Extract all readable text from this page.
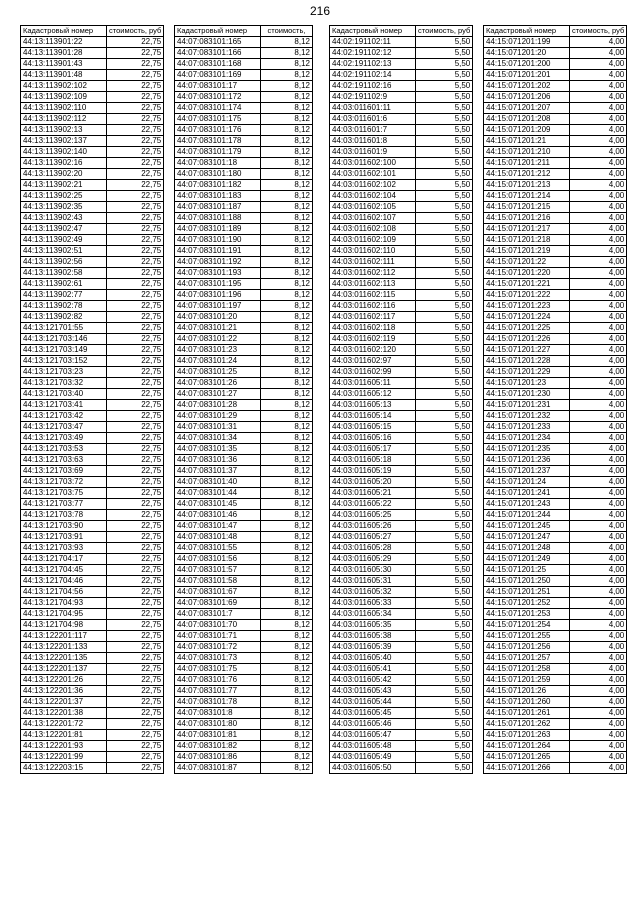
216
Кадастровый номер	стоимость, руб
44:13:113901:22	22,75
44:13:113901:28	22,75
44:13:113901:43	22,75
44:13:113901:48	22,75
44:13:113902:102	22,75
44:13:113902:109	22,75
44:13:113902:110	22,75
44:13:113902:112	22,75
44:13:113902:13	22,75
44:13:113902:137	22,75
44:13:113902:140	22,75
44:13:113902:16	22,75
44:13:113902:20	22,75
44:13:113902:21	22,75
44:13:113902:25	22,75
44:13:113902:35	22,75
44:13:113902:43	22,75
44:13:113902:47	22,75
44:13:113902:49	22,75
44:13:113902:51	22,75
44:13:113902:56	22,75
44:13:113902:58	22,75
44:13:113902:61	22,75
44:13:113902:77	22,75
44:13:113902:78	22,75
44:13:113902:82	22,75
44:13:121701:55	22,75
44:13:121703:146	22,75
44:13:121703:149	22,75
44:13:121703:152	22,75
44:13:121703:23	22,75
44:13:121703:32	22,75
44:13:121703:40	22,75
44:13:121703:41	22,75
44:13:121703:42	22,75
44:13:121703:47	22,75
44:13:121703:49	22,75
44:13:121703:53	22,75
44:13:121703:63	22,75
44:13:121703:69	22,75
44:13:121703:72	22,75
44:13:121703:75	22,75
44:13:121703:77	22,75
44:13:121703:78	22,75
44:13:121703:90	22,75
44:13:121703:91	22,75
44:13:121703:93	22,75
44:13:121704:17	22,75
44:13:121704:45	22,75
44:13:121704:46	22,75
44:13:121704:56	22,75
44:13:121704:93	22,75
44:13:121704:95	22,75
44:13:121704:98	22,75
44:13:122201:117	22,75
44:13:122201:133	22,75
44:13:122201:135	22,75
44:13:122201:137	22,75
44:13:122201:26	22,75
44:13:122201:36	22,75
44:13:122201:37	22,75
44:13:122201:38	22,75
44:13:122201:72	22,75
44:13:122201:81	22,75
44:13:122201:93	22,75
44:13:122201:99	22,75
44:13:122203:15	22,75
Кадастровый номер	стоимость,
44:07:083101:165	8,12
44:07:083101:166	8,12
44:07:083101:168	8,12
44:07:083101:169	8,12
44:07:083101:17	8,12
44:07:083101:172	8,12
44:07:083101:174	8,12
44:07:083101:175	8,12
44:07:083101:176	8,12
44:07:083101:178	8,12
44:07:083101:179	8,12
44:07:083101:18	8,12
44:07:083101:180	8,12
44:07:083101:182	8,12
44:07:083101:183	8,12
44:07:083101:187	8,12
44:07:083101:188	8,12
44:07:083101:189	8,12
44:07:083101:190	8,12
44:07:083101:191	8,12
44:07:083101:192	8,12
44:07:083101:193	8,12
44:07:083101:195	8,12
44:07:083101:196	8,12
44:07:083101:197	8,12
44:07:083101:20	8,12
44:07:083101:21	8,12
44:07:083101:22	8,12
44:07:083101:23	8,12
44:07:083101:24	8,12
44:07:083101:25	8,12
44:07:083101:26	8,12
44:07:083101:27	8,12
44:07:083101:28	8,12
44:07:083101:29	8,12
44:07:083101:31	8,12
44:07:083101:34	8,12
44:07:083101:35	8,12
44:07:083101:36	8,12
44:07:083101:37	8,12
44:07:083101:40	8,12
44:07:083101:44	8,12
44:07:083101:45	8,12
44:07:083101:46	8,12
44:07:083101:47	8,12
44:07:083101:48	8,12
44:07:083101:55	8,12
44:07:083101:56	8,12
44:07:083101:57	8,12
44:07:083101:58	8,12
44:07:083101:67	8,12
44:07:083101:69	8,12
44:07:083101:7	8,12
44:07:083101:70	8,12
44:07:083101:71	8,12
44:07:083101:72	8,12
44:07:083101:73	8,12
44:07:083101:75	8,12
44:07:083101:76	8,12
44:07:083101:77	8,12
44:07:083101:78	8,12
44:07:083101:8	8,12
44:07:083101:80	8,12
44:07:083101:81	8,12
44:07:083101:82	8,12
44:07:083101:86	8,12
44:07:083101:87	8,12
Кадастровый номер	стоимость, руб
44:02:191102:11	5,50
44:02:191102:12	5,50
44:02:191102:13	5,50
44:02:191102:14	5,50
44:02:191102:16	5,50
44:02:191102:9	5,50
44:03:011601:11	5,50
44:03:011601:6	5,50
44:03:011601:7	5,50
44:03:011601:8	5,50
44:03:011601:9	5,50
44:03:011602:100	5,50
44:03:011602:101	5,50
44:03:011602:102	5,50
44:03:011602:104	5,50
44:03:011602:105	5,50
44:03:011602:107	5,50
44:03:011602:108	5,50
44:03:011602:109	5,50
44:03:011602:110	5,50
44:03:011602:111	5,50
44:03:011602:112	5,50
44:03:011602:113	5,50
44:03:011602:115	5,50
44:03:011602:116	5,50
44:03:011602:117	5,50
44:03:011602:118	5,50
44:03:011602:119	5,50
44:03:011602:120	5,50
44:03:011602:97	5,50
44:03:011602:99	5,50
44:03:011605:11	5,50
44:03:011605:12	5,50
44:03:011605:13	5,50
44:03:011605:14	5,50
44:03:011605:15	5,50
44:03:011605:16	5,50
44:03:011605:17	5,50
44:03:011605:18	5,50
44:03:011605:19	5,50
44:03:011605:20	5,50
44:03:011605:21	5,50
44:03:011605:22	5,50
44:03:011605:25	5,50
44:03:011605:26	5,50
44:03:011605:27	5,50
44:03:011605:28	5,50
44:03:011605:29	5,50
44:03:011605:30	5,50
44:03:011605:31	5,50
44:03:011605:32	5,50
44:03:011605:33	5,50
44:03:011605:34	5,50
44:03:011605:35	5,50
44:03:011605:38	5,50
44:03:011605:39	5,50
44:03:011605:40	5,50
44:03:011605:41	5,50
44:03:011605:42	5,50
44:03:011605:43	5,50
44:03:011605:44	5,50
44:03:011605:45	5,50
44:03:011605:46	5,50
44:03:011605:47	5,50
44:03:011605:48	5,50
44:03:011605:49	5,50
44:03:011605:50	5,50
Кадастровый номер	стоимость, руб
44:15:071201:199	4,00
44:15:071201:20	4,00
44:15:071201:200	4,00
44:15:071201:201	4,00
44:15:071201:202	4,00
44:15:071201:206	4,00
44:15:071201:207	4,00
44:15:071201:208	4,00
44:15:071201:209	4,00
44:15:071201:21	4,00
44:15:071201:210	4,00
44:15:071201:211	4,00
44:15:071201:212	4,00
44:15:071201:213	4,00
44:15:071201:214	4,00
44:15:071201:215	4,00
44:15:071201:216	4,00
44:15:071201:217	4,00
44:15:071201:218	4,00
44:15:071201:219	4,00
44:15:071201:22	4,00
44:15:071201:220	4,00
44:15:071201:221	4,00
44:15:071201:222	4,00
44:15:071201:223	4,00
44:15:071201:224	4,00
44:15:071201:225	4,00
44:15:071201:226	4,00
44:15:071201:227	4,00
44:15:071201:228	4,00
44:15:071201:229	4,00
44:15:071201:23	4,00
44:15:071201:230	4,00
44:15:071201:231	4,00
44:15:071201:232	4,00
44:15:071201:233	4,00
44:15:071201:234	4,00
44:15:071201:235	4,00
44:15:071201:236	4,00
44:15:071201:237	4,00
44:15:071201:24	4,00
44:15:071201:241	4,00
44:15:071201:243	4,00
44:15:071201:244	4,00
44:15:071201:245	4,00
44:15:071201:247	4,00
44:15:071201:248	4,00
44:15:071201:249	4,00
44:15:071201:25	4,00
44:15:071201:250	4,00
44:15:071201:251	4,00
44:15:071201:252	4,00
44:15:071201:253	4,00
44:15:071201:254	4,00
44:15:071201:255	4,00
44:15:071201:256	4,00
44:15:071201:257	4,00
44:15:071201:258	4,00
44:15:071201:259	4,00
44:15:071201:26	4,00
44:15:071201:260	4,00
44:15:071201:261	4,00
44:15:071201:262	4,00
44:15:071201:263	4,00
44:15:071201:264	4,00
44:15:071201:265	4,00
44:15:071201:266	4,00
